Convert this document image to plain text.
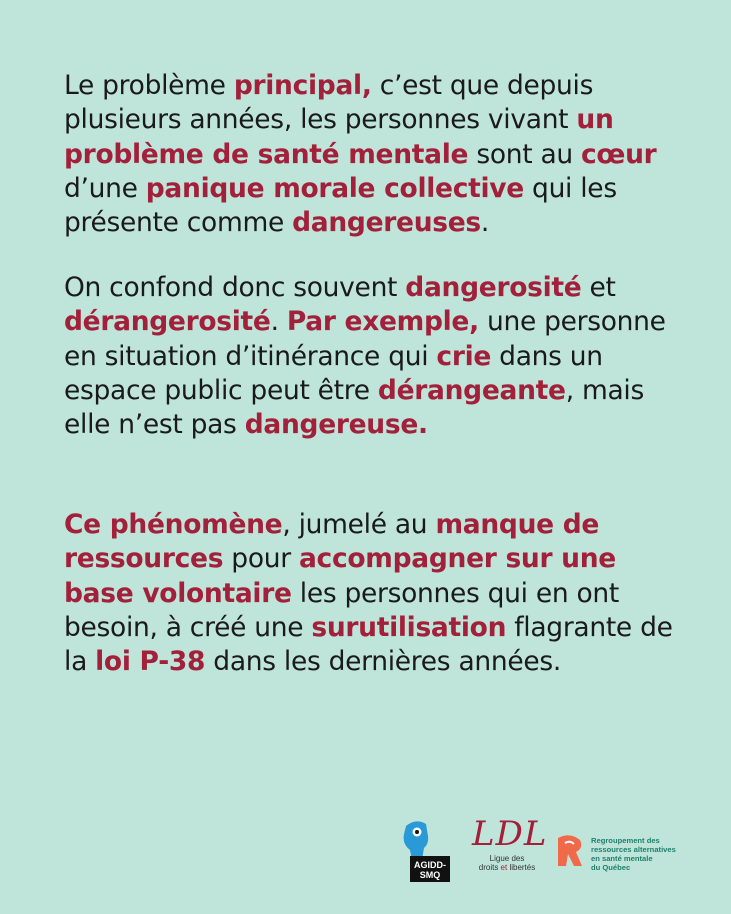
Le problème principal, c’est que depuis plusieurs années, les personnes vivant un problème de santé mentale sont au cœur d’une panique morale collective qui les présente comme dangereuses.
On confond donc souvent dangerosité et dérangerosité. Par exemple, une personne en situation d’itinérance qui crie dans un espace public peut être dérangeante, mais elle n’est pas dangereuse.
Ce phénomène, jumelé au manque de ressources pour accompagner sur une base volontaire les personnes qui en ont besoin, à créé une surutilisation flagrante de la loi P-38 dans les dernières années.
AGIDD-
SMQ
LDL
Ligue des
droits et libertés
Regroupement des
ressources alternatives
en santé mentale
du Québec
